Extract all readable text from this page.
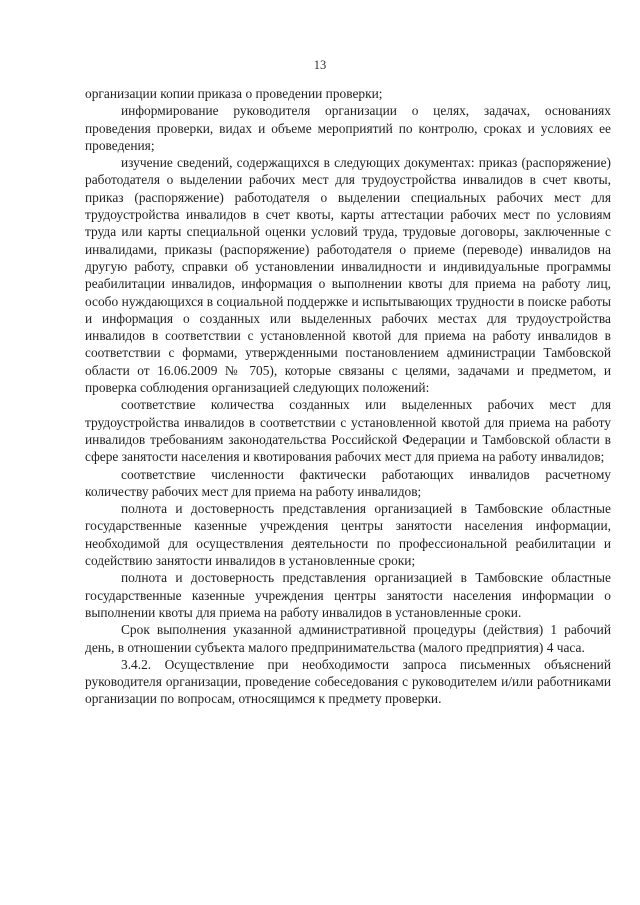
13

организации копии приказа о проведении проверки;

информирование руководителя организации о целях, задачах, основаниях проведения проверки, видах и объеме мероприятий по контролю, сроках и условиях ее проведения;

изучение сведений, содержащихся в следующих документах: приказ (распоряжение) работодателя о выделении рабочих мест для трудоустройства инвалидов в счет квоты, приказ (распоряжение) работодателя о выделении специальных рабочих мест для трудоустройства инвалидов в счет квоты, карты аттестации рабочих мест по условиям труда или карты специальной оценки условий труда, трудовые договоры, заключенные с инвалидами, приказы (распоряжение) работодателя о приеме (переводе) инвалидов на другую работу, справки об установлении инвалидности и индивидуальные программы реабилитации инвалидов, информация о выполнении квоты для приема на работу лиц, особо нуждающихся в социальной поддержке и испытывающих трудности в поиске работы и информация о созданных или выделенных рабочих местах для трудоустройства инвалидов в соответствии с установленной квотой для приема на работу инвалидов в соответствии с формами, утвержденными постановлением администрации Тамбовской области от 16.06.2009 № 705), которые связаны с целями, задачами и предметом, и проверка соблюдения организацией следующих положений:

соответствие количества созданных или выделенных рабочих мест для трудоустройства инвалидов в соответствии с установленной квотой для приема на работу инвалидов требованиям законодательства Российской Федерации и Тамбовской области в сфере занятости населения и квотирования рабочих мест для приема на работу инвалидов;

соответствие численности фактически работающих инвалидов расчетному количеству рабочих мест для приема на работу инвалидов;

полнота и достоверность представления организацией в Тамбовские областные государственные казенные учреждения центры занятости населения информации, необходимой для осуществления деятельности по профессиональной реабилитации и содействию занятости инвалидов в установленные сроки;

полнота и достоверность представления организацией в Тамбовские областные государственные казенные учреждения центры занятости населения информации о выполнении квоты для приема на работу инвалидов в установленные сроки.

Срок выполнения указанной административной процедуры (действия) 1 рабочий день, в отношении субъекта малого предпринимательства (малого предприятия) 4 часа.

3.4.2. Осуществление при необходимости запроса письменных объяснений руководителя организации, проведение собеседования с руководителем и/или работниками организации по вопросам, относящимся к предмету проверки.
